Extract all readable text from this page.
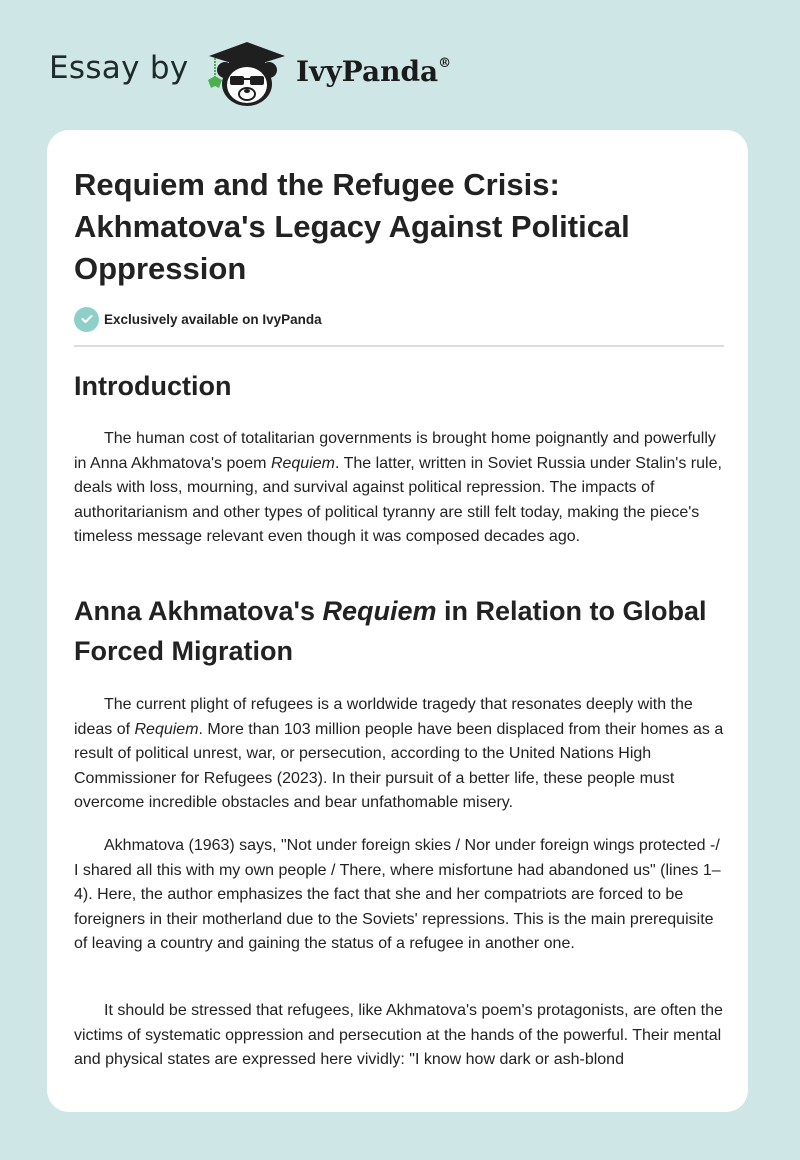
Essay by	IvyPanda®
Requiem and the Refugee Crisis: Akhmatova's Legacy Against Political Oppression
Exclusively available on IvyPanda
Introduction

The human cost of totalitarian governments is brought home poignantly and powerfully in Anna Akhmatova's poem Requiem. The latter, written in Soviet Russia under Stalin's rule, deals with loss, mourning, and survival against political repression. The impacts of authoritarianism and other types of political tyranny are still felt today, making the piece's timeless message relevant even though it was composed decades ago.

Anna Akhmatova's Requiem in Relation to Global Forced Migration

The current plight of refugees is a worldwide tragedy that resonates deeply with the ideas of Requiem. More than 103 million people have been displaced from their homes as a result of political unrest, war, or persecution, according to the United Nations High Commissioner for Refugees (2023). In their pursuit of a better life, these people must overcome incredible obstacles and bear unfathomable misery.

Akhmatova (1963) says, "Not under foreign skies / Nor under foreign wings protected -/ I shared all this with my own people / There, where misfortune had abandoned us" (lines 1–4). Here, the author emphasizes the fact that she and her compatriots are forced to be foreigners in their motherland due to the Soviets' repressions. This is the main prerequisite of leaving a country and gaining the status of a refugee in another one.

It should be stressed that refugees, like Akhmatova's poem's protagonists, are often the victims of systematic oppression and persecution at the hands of the powerful. Their mental and physical states are expressed here vividly: "I know how dark or ash-blond
